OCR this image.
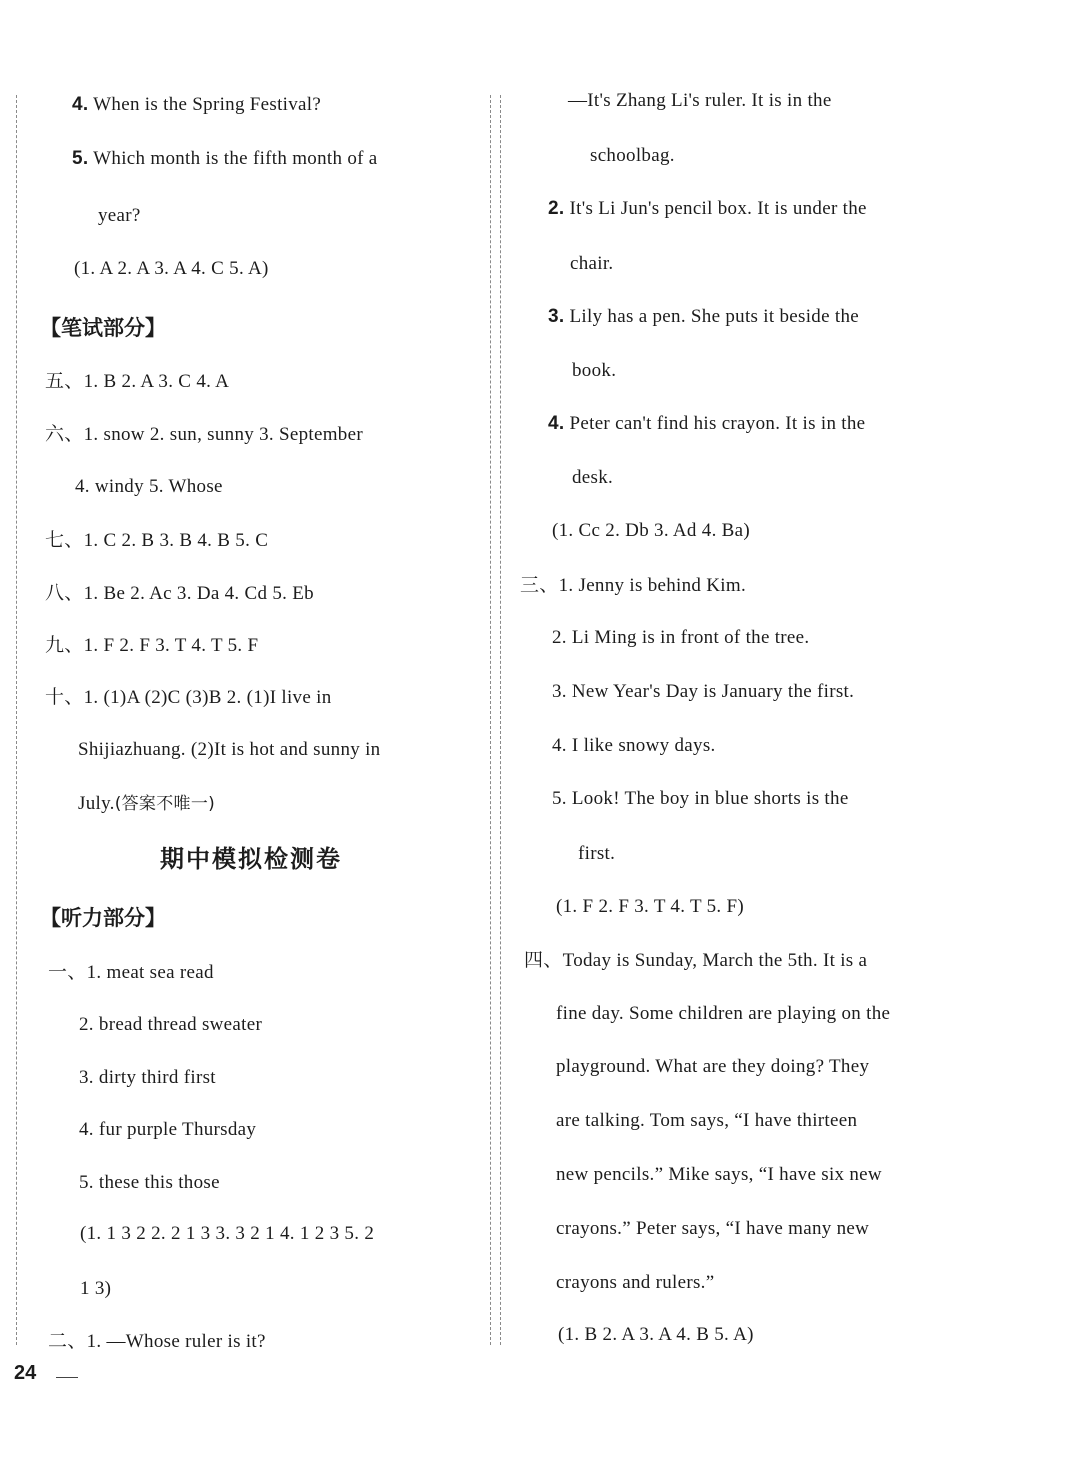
4. When is the Spring Festival?
5. Which month is the fifth month of a
year?
(1. A 2. A 3. A 4. C 5. A)
【笔试部分】
五、1. B 2. A 3. C 4. A
六、1. snow 2. sun, sunny 3. September
4. windy 5. Whose
七、1. C 2. B 3. B 4. B 5. C
八、1. Be 2. Ac 3. Da 4. Cd 5. Eb
九、1. F 2. F 3. T 4. T 5. F
十、1. (1)A (2)C (3)B 2. (1)I live in
Shijiazhuang. (2)It is hot and sunny in
July.(答案不唯一)
期中模拟检测卷
【听力部分】
一、1. meat sea read
2. bread thread sweater
3. dirty third first
4. fur purple Thursday
5. these this those
(1. 1 3 2 2. 2 1 3 3. 3 2 1 4. 1 2 3 5. 2
1 3)
二、1. —Whose ruler is it?
—It's Zhang Li's ruler. It is in the
schoolbag.
2. It's Li Jun's pencil box. It is under the
chair.
3. Lily has a pen. She puts it beside the
book.
4. Peter can't find his crayon. It is in the
desk.
(1. Cc 2. Db 3. Ad 4. Ba)
三、1. Jenny is behind Kim.
2. Li Ming is in front of the tree.
3. New Year's Day is January the first.
4. I like snowy days.
5. Look! The boy in blue shorts is the
first.
(1. F 2. F 3. T 4. T 5. F)
四、Today is Sunday, March the 5th. It is a
fine day. Some children are playing on the
playground. What are they doing? They
are talking. Tom says, “I have thirteen
new pencils.” Mike says, “I have six new
crayons.” Peter says, “I have many new
crayons and rulers.”
(1. B 2. A 3. A 4. B 5. A)
24
